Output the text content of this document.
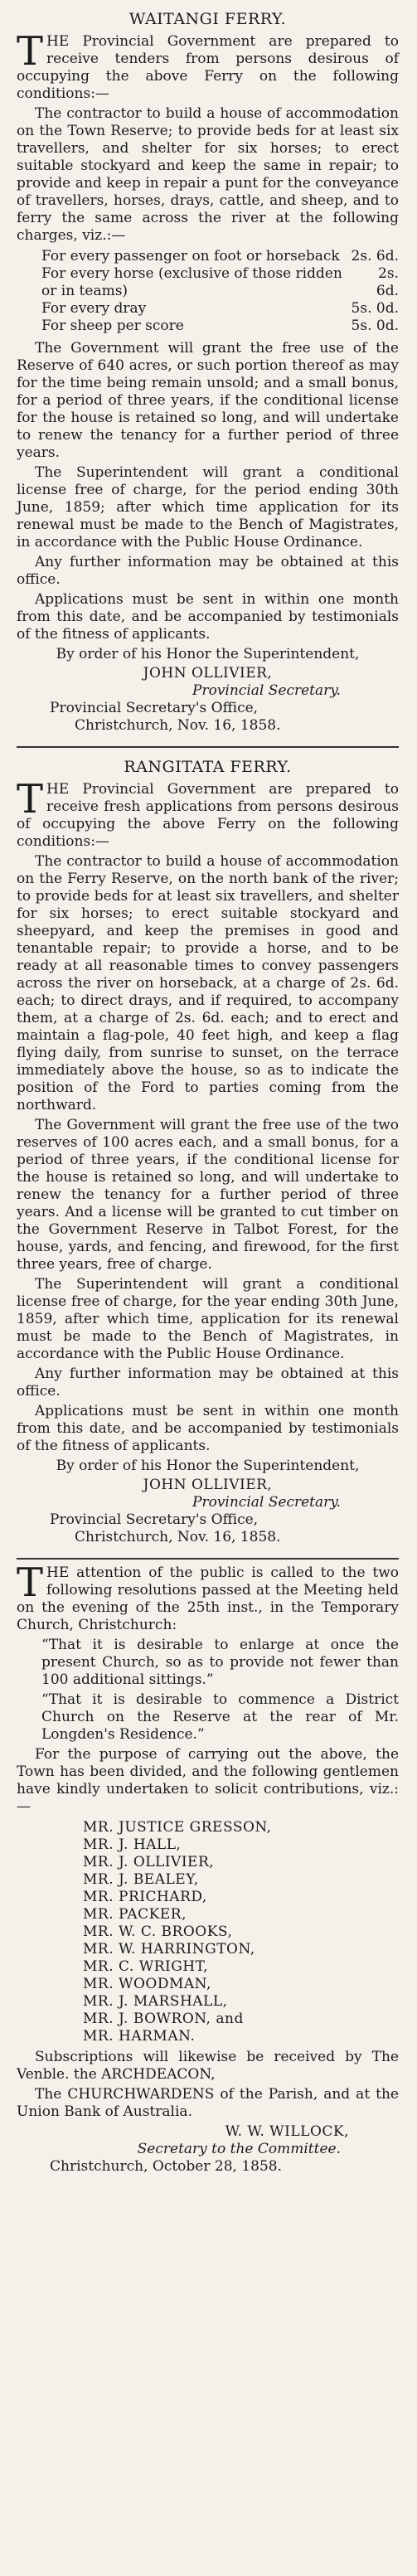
WAITANGI FERRY.

THE Provincial Government are prepared to receive tenders from persons desirous of occupying the above Ferry on the following conditions:—

The contractor to build a house of accommodation on the Town Reserve; to provide beds for at least six travellers, and shelter for six horses; to erect suitable stockyard and keep the same in repair; to provide and keep in repair a punt for the conveyance of travellers, horses, drays, cattle, and sheep, and to ferry the same across the river at the following charges, viz.:—

For every passenger on foot or horseback 2s. 6d.
For every horse (exclusive of those ridden or in teams)
2s. 6d.
For every dray	5s. 0d.
For sheep per score	5s. 0d.

The Government will grant the free use of the Reserve of 640 acres, or such portion thereof as may for the time being remain unsold; and a small bonus, for a period of three years, if the conditional license for the house is retained so long, and will undertake to renew the tenancy for a further period of three years.

The Superintendent will grant a conditional license free of charge, for the period ending 30th June, 1859; after which time application for its renewal must be made to the Bench of Magistrates, in accordance with the Public House Ordinance.

Any further information may be obtained at this office.

Applications must be sent in within one month from this date, and be accompanied by testimonials of the fitness of applicants.

By order of his Honor the Superintendent,

JOHN OLLIVIER,

Provincial Secretary.

Provincial Secretary's Office,

Christchurch, Nov. 16, 1858.

RANGITATA FERRY.

THE Provincial Government are prepared to receive fresh applications from persons desirous of occupying the above Ferry on the following conditions:—

The contractor to build a house of accommodation on the Ferry Reserve, on the north bank of the river; to provide beds for at least six travellers, and shelter for six horses; to erect suitable stockyard and sheepyard, and keep the premises in good and tenantable repair; to provide a horse, and to be ready at all reasonable times to convey passengers across the river on horseback, at a charge of 2s. 6d. each; to direct drays, and if required, to accompany them, at a charge of 2s. 6d. each; and to erect and maintain a flag-pole, 40 feet high, and keep a flag flying daily, from sunrise to sunset, on the terrace immediately above the house, so as to indicate the position of the Ford to parties coming from the northward.

The Government will grant the free use of the two reserves of 100 acres each, and a small bonus, for a period of three years, if the conditional license for the house is retained so long, and will undertake to renew the tenancy for a further period of three years. And a license will be granted to cut timber on the Government Reserve in Talbot Forest, for the house, yards, and fencing, and firewood, for the first three years, free of charge.

The Superintendent will grant a conditional license free of charge, for the year ending 30th June, 1859, after which time, application for its renewal must be made to the Bench of Magistrates, in accordance with the Public House Ordinance.

Any further information may be obtained at this office.

Applications must be sent in within one month from this date, and be accompanied by testimonials of the fitness of applicants.

By order of his Honor the Superintendent,

JOHN OLLIVIER,

Provincial Secretary.

Provincial Secretary's Office,

Christchurch, Nov. 16, 1858.

THE attention of the public is called to the two following resolutions passed at the Meeting held on the evening of the 25th inst., in the Temporary Church, Christchurch:

“That it is desirable to enlarge at once the present Church, so as to provide not fewer than 100 additional sittings.”

“That it is desirable to commence a District Church on the Reserve at the rear of Mr. Longden's Residence.”

For the purpose of carrying out the above, the Town has been divided, and the following gentlemen have kindly undertaken to solicit contributions, viz.:—

MR. JUSTICE GRESSON,
MR. J. HALL,
MR. J. OLLIVIER,
MR. J. BEALEY,
MR. PRICHARD,
MR. PACKER,
MR. W. C. BROOKS,
MR. W. HARRINGTON,
MR. C. WRIGHT,
MR. WOODMAN,
MR. J. MARSHALL,
MR. J. BOWRON, and
MR. HARMAN.

Subscriptions will likewise be received by The Venble. the ARCHDEACON,

The CHURCHWARDENS of the Parish, and at the Union Bank of Australia.

W. W. WILLOCK,

Secretary to the Committee.

Christchurch, October 28, 1858.
